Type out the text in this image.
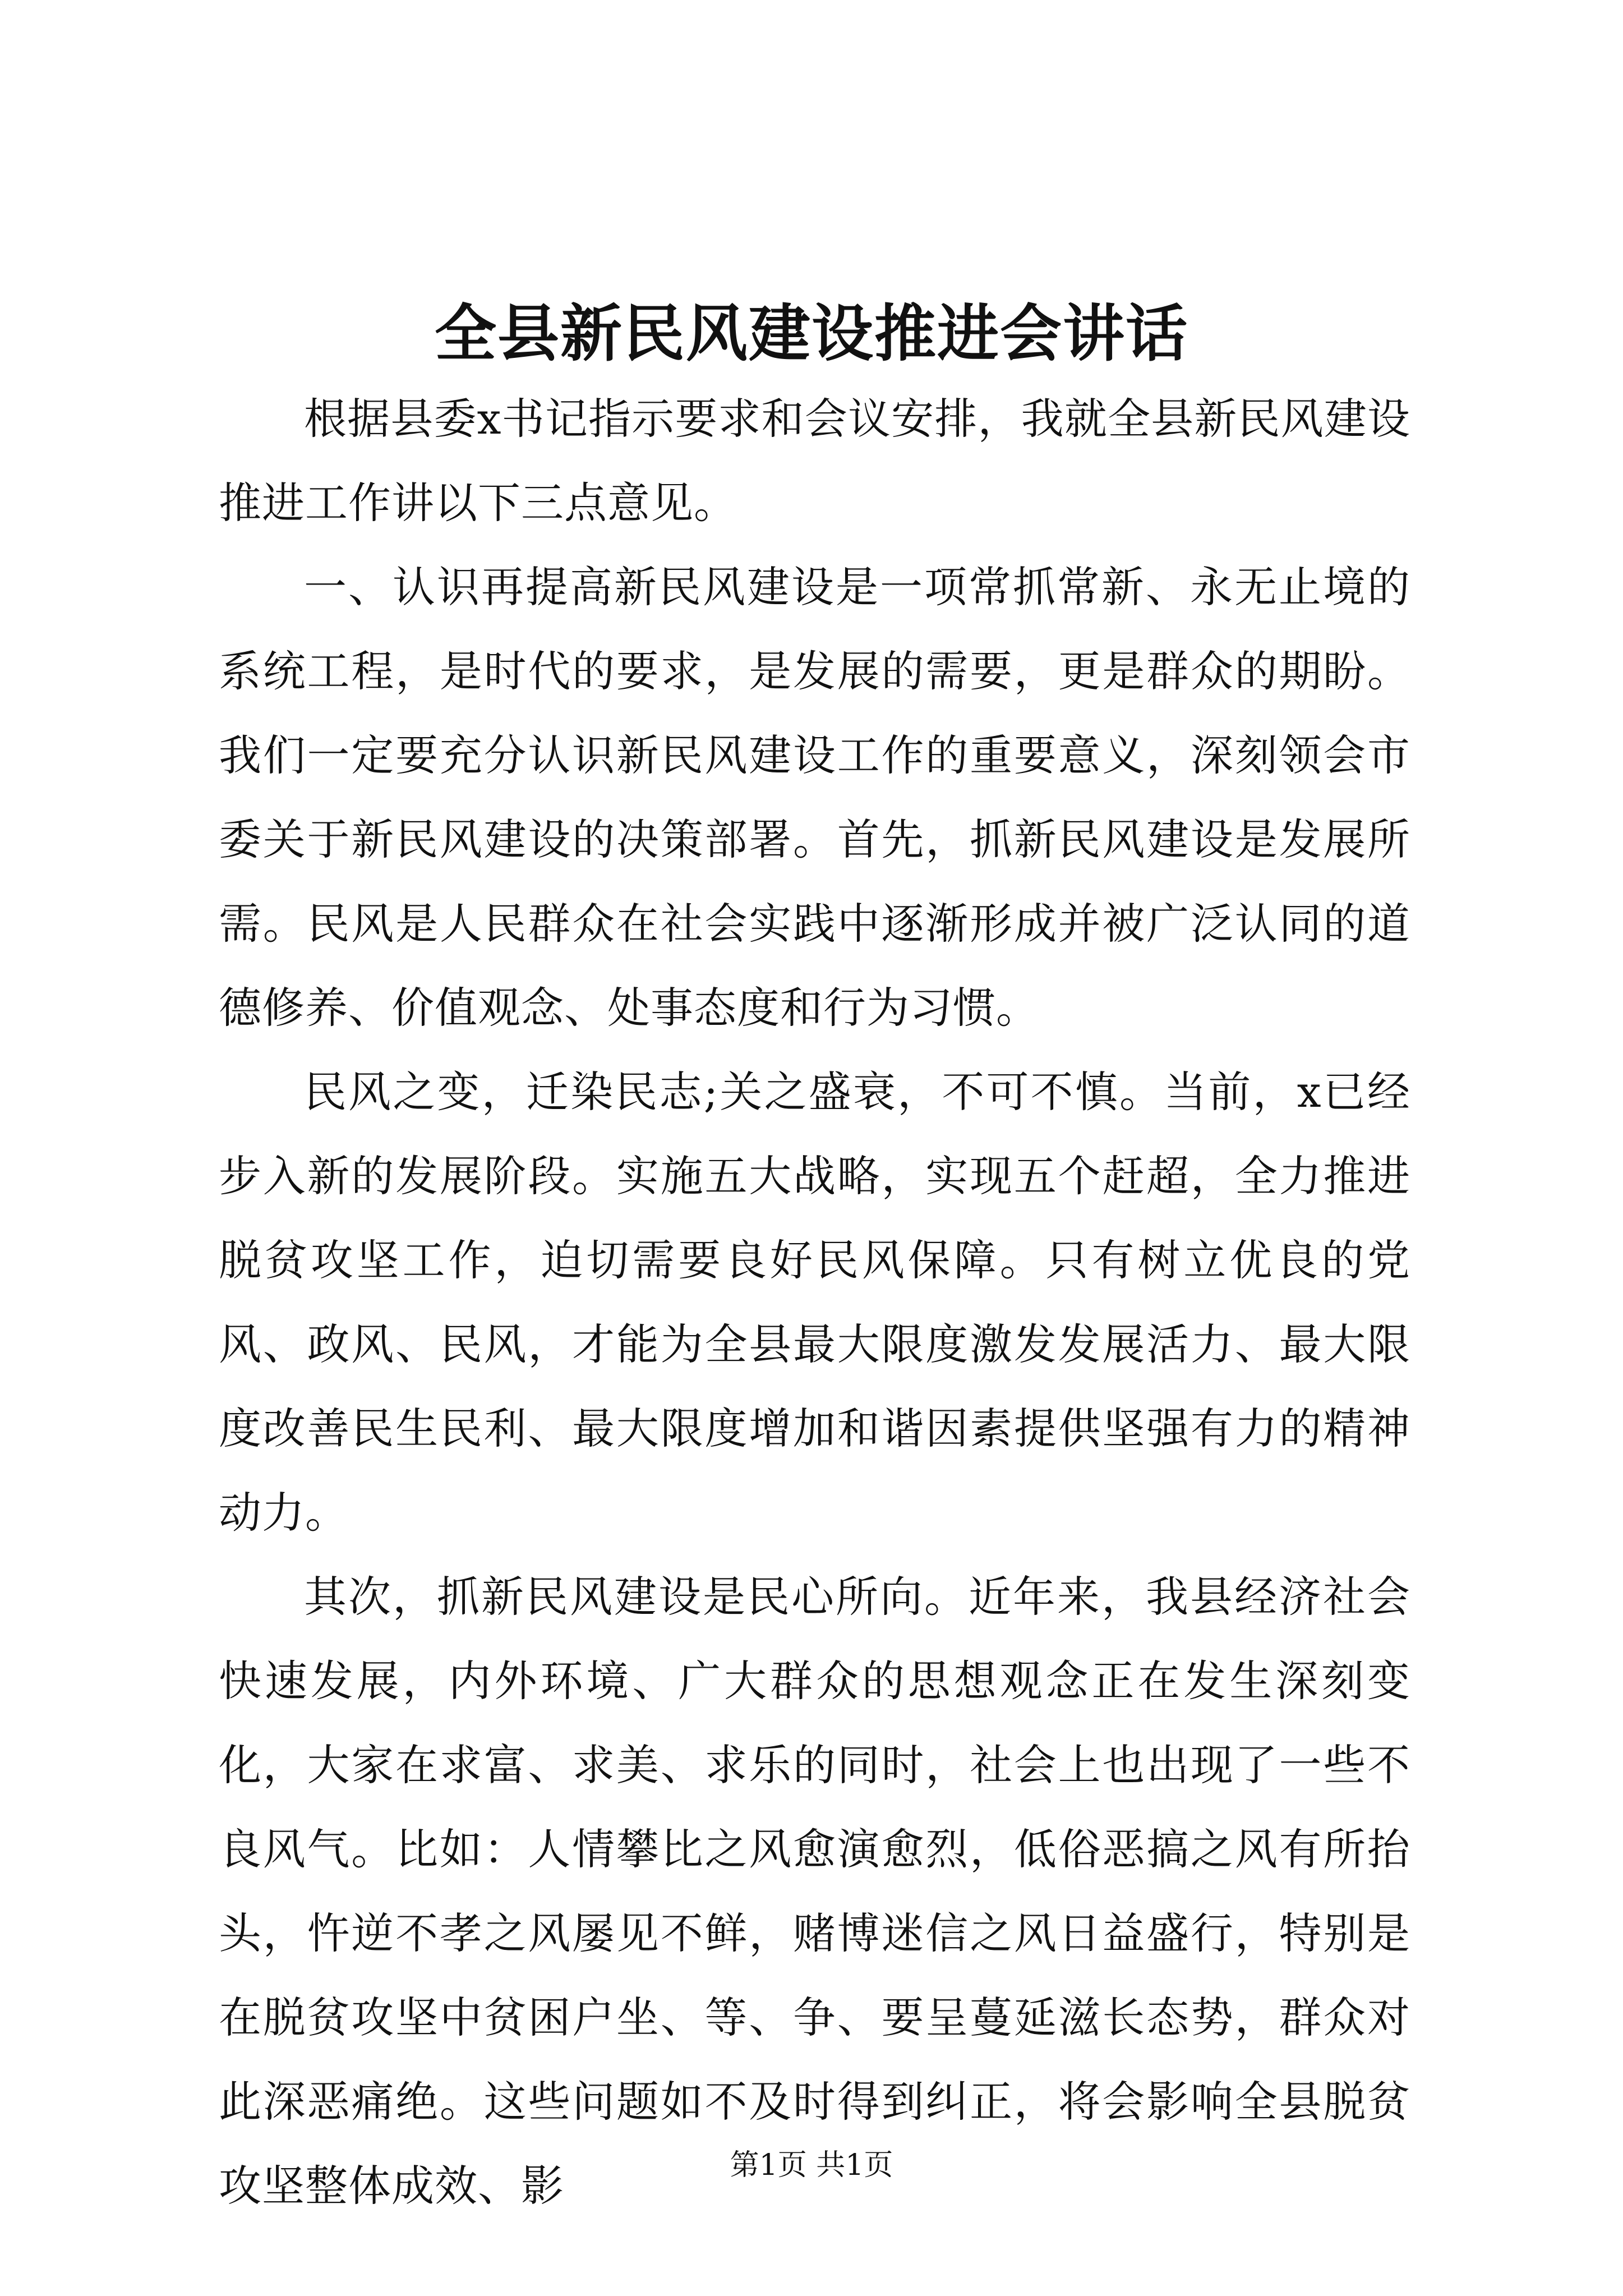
全县新民风建设推进会讲话

根据县委x书记指示要求和会议安排，我就全县新民风建设推进工作讲以下三点意见。

一、认识再提高新民风建设是一项常抓常新、永无止境的系统工程，是时代的要求，是发展的需要，更是群众的期盼。我们一定要充分认识新民风建设工作的重要意义，深刻领会市委关于新民风建设的决策部署。首先，抓新民风建设是发展所需。民风是人民群众在社会实践中逐渐形成并被广泛认同的道德修养、价值观念、处事态度和行为习惯。

民风之变，迁染民志;关之盛衰，不可不慎。当前，x已经步入新的发展阶段。实施五大战略，实现五个赶超，全力推进脱贫攻坚工作，迫切需要良好民风保障。只有树立优良的党风、政风、民风，才能为全县最大限度激发发展活力、最大限度改善民生民利、最大限度增加和谐因素提供坚强有力的精神动力。

其次，抓新民风建设是民心所向。近年来，我县经济社会快速发展，内外环境、广大群众的思想观念正在发生深刻变化，大家在求富、求美、求乐的同时，社会上也出现了一些不良风气。比如：人情攀比之风愈演愈烈，低俗恶搞之风有所抬头，忤逆不孝之风屡见不鲜，赌博迷信之风日益盛行，特别是在脱贫攻坚中贫困户坐、等、争、要呈蔓延滋长态势，群众对此深恶痛绝。这些问题如不及时得到纠正，将会影响全县脱贫攻坚整体成效、影	第1页 共1页
